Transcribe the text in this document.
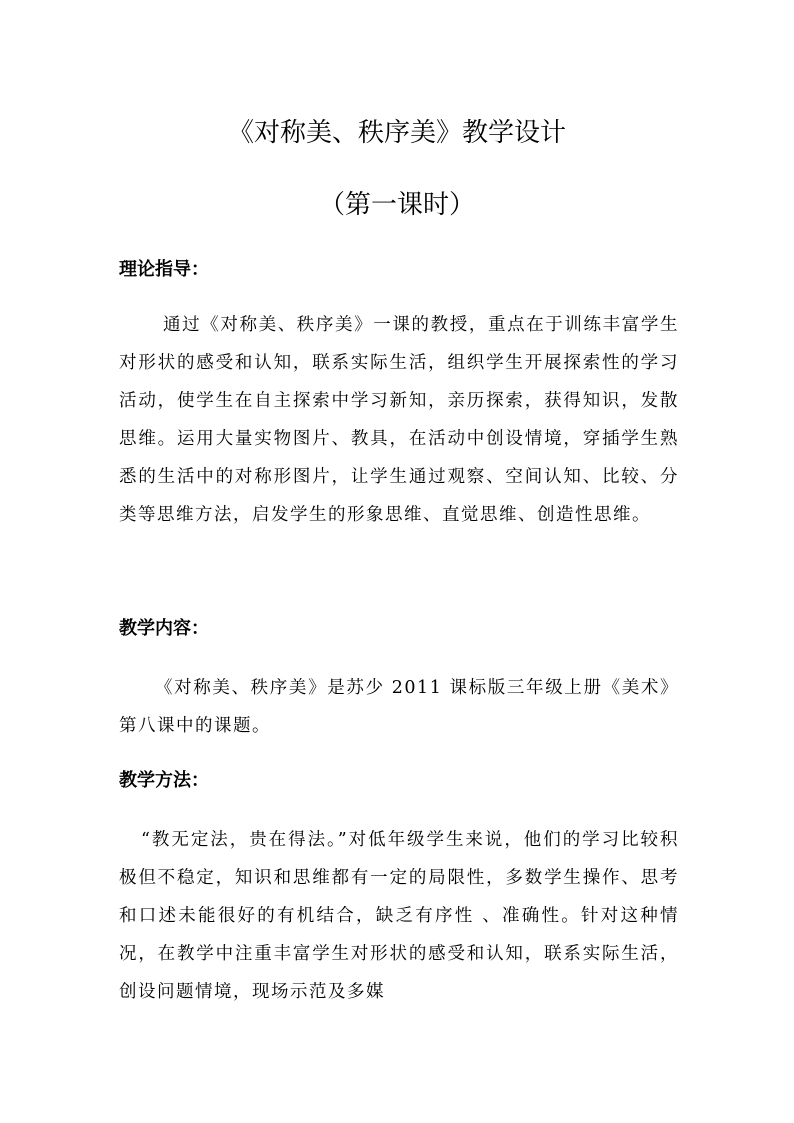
《对称美、秩序美》教学设计
（第一课时）
理论指导：

通过《对称美、秩序美》一课的教授，重点在于训练丰富学生对形状的感受和认知，联系实际生活，组织学生开展探索性的学习活动，使学生在自主探索中学习新知，亲历探索，获得知识，发散思维。运用大量实物图片、教具，在活动中创设情境，穿插学生熟悉的生活中的对称形图片，让学生通过观察、空间认知、比较、分类等思维方法，启发学生的形象思维、直觉思维、创造性思维。

教学内容：

《对称美、秩序美》是苏少 2011 课标版三年级上册《美术》第八课中的课题。

教学方法：

“教无定法，贵在得法。”对低年级学生来说，他们的学习比较积极但不稳定，知识和思维都有一定的局限性，多数学生操作、思考和口述未能很好的有机结合，缺乏有序性 、准确性。针对这种情况，在教学中注重丰富学生对形状的感受和认知，联系实际生活，创设问题情境，现场示范及多媒
